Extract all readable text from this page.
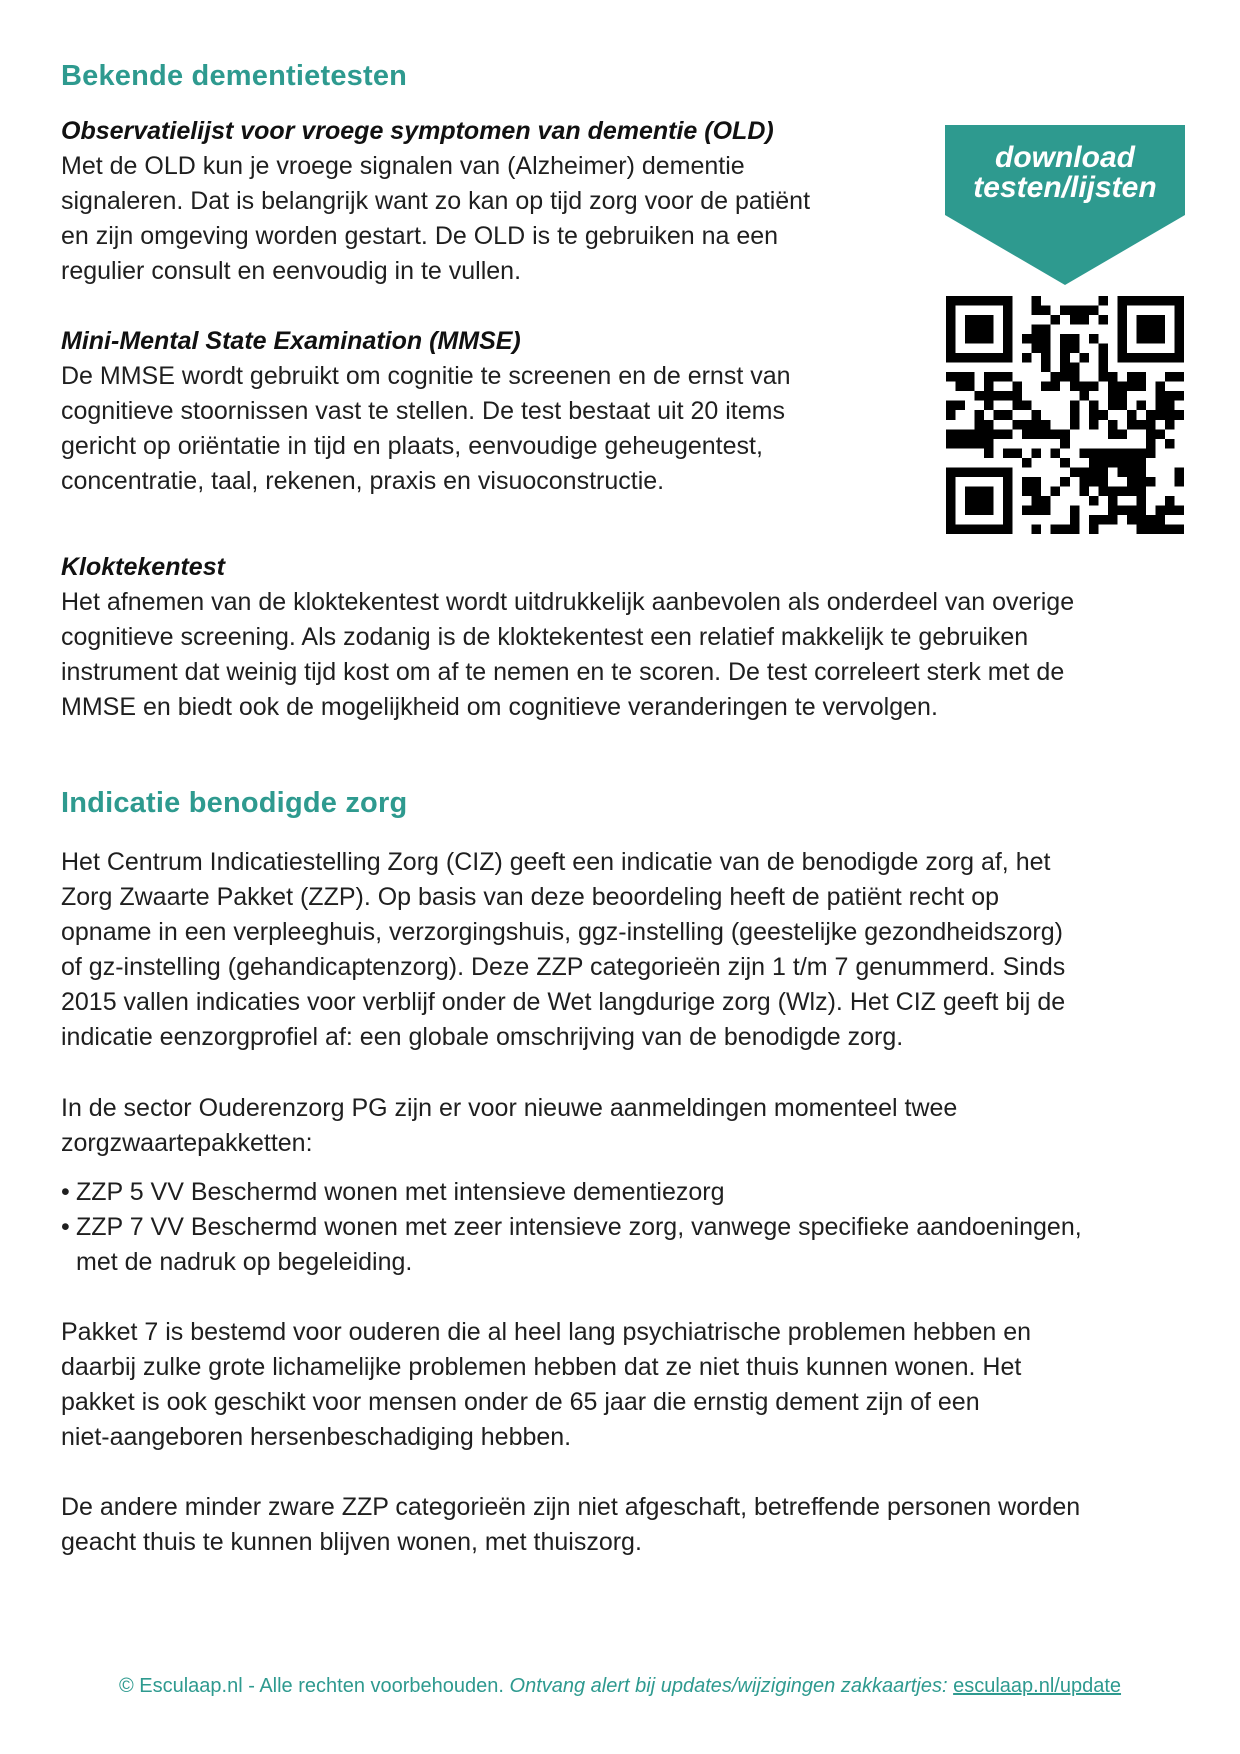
Bekende dementietesten
Observatielijst voor vroege symptomen van dementie (OLD)
Met de OLD kun je vroege signalen van (Alzheimer) dementie
signaleren. Dat is belangrijk want zo kan op tijd zorg voor de patiënt
en zijn omgeving worden gestart. De OLD is te gebruiken na een
regulier consult en eenvoudig in te vullen.
Mini-Mental State Examination (MMSE)
De MMSE wordt gebruikt om cognitie te screenen en de ernst van
cognitieve stoornissen vast te stellen. De test bestaat uit 20 items
gericht op oriëntatie in tijd en plaats, eenvoudige geheugentest,
concentratie, taal, rekenen, praxis en visuoconstructie.
Kloktekentest
Het afnemen van de kloktekentest wordt uitdrukkelijk aanbevolen als onderdeel van overige
cognitieve screening. Als zodanig is de kloktekentest een relatief makkelijk te gebruiken
instrument dat weinig tijd kost om af te nemen en te scoren. De test correleert sterk met de
MMSE en biedt ook de mogelijkheid om cognitieve veranderingen te vervolgen.
download
testen/lijsten
Indicatie benodigde zorg
Het Centrum Indicatiestelling Zorg (CIZ) geeft een indicatie van de benodigde zorg af, het
Zorg Zwaarte Pakket (ZZP). Op basis van deze beoordeling heeft de patiënt recht op
opname in een verpleeghuis, verzorgingshuis, ggz-instelling (geestelijke gezondheidszorg)
of gz-instelling (gehandicaptenzorg). Deze ZZP categorieën zijn 1 t/m 7 genummerd. Sinds
2015 vallen indicaties voor verblijf onder de Wet langdurige zorg (Wlz). Het CIZ geeft bij de
indicatie eenzorgprofiel af: een globale omschrijving van de benodigde zorg.
In de sector Ouderenzorg PG zijn er voor nieuwe aanmeldingen momenteel twee
zorgzwaartepakketten:
• ZZP 5 VV Beschermd wonen met intensieve dementiezorg
• ZZP 7 VV Beschermd wonen met zeer intensieve zorg, vanwege specifieke aandoeningen,
met de nadruk op begeleiding.
Pakket 7 is bestemd voor ouderen die al heel lang psychiatrische problemen hebben en
daarbij zulke grote lichamelijke problemen hebben dat ze niet thuis kunnen wonen. Het
pakket is ook geschikt voor mensen onder de 65 jaar die ernstig dement zijn of een
niet-aangeboren hersenbeschadiging hebben.
De andere minder zware ZZP categorieën zijn niet afgeschaft, betreffende personen worden
geacht thuis te kunnen blijven wonen, met thuiszorg.
© Esculaap.nl - Alle rechten voorbehouden. Ontvang alert bij updates/wijzigingen zakkaartjes: esculaap.nl/update
